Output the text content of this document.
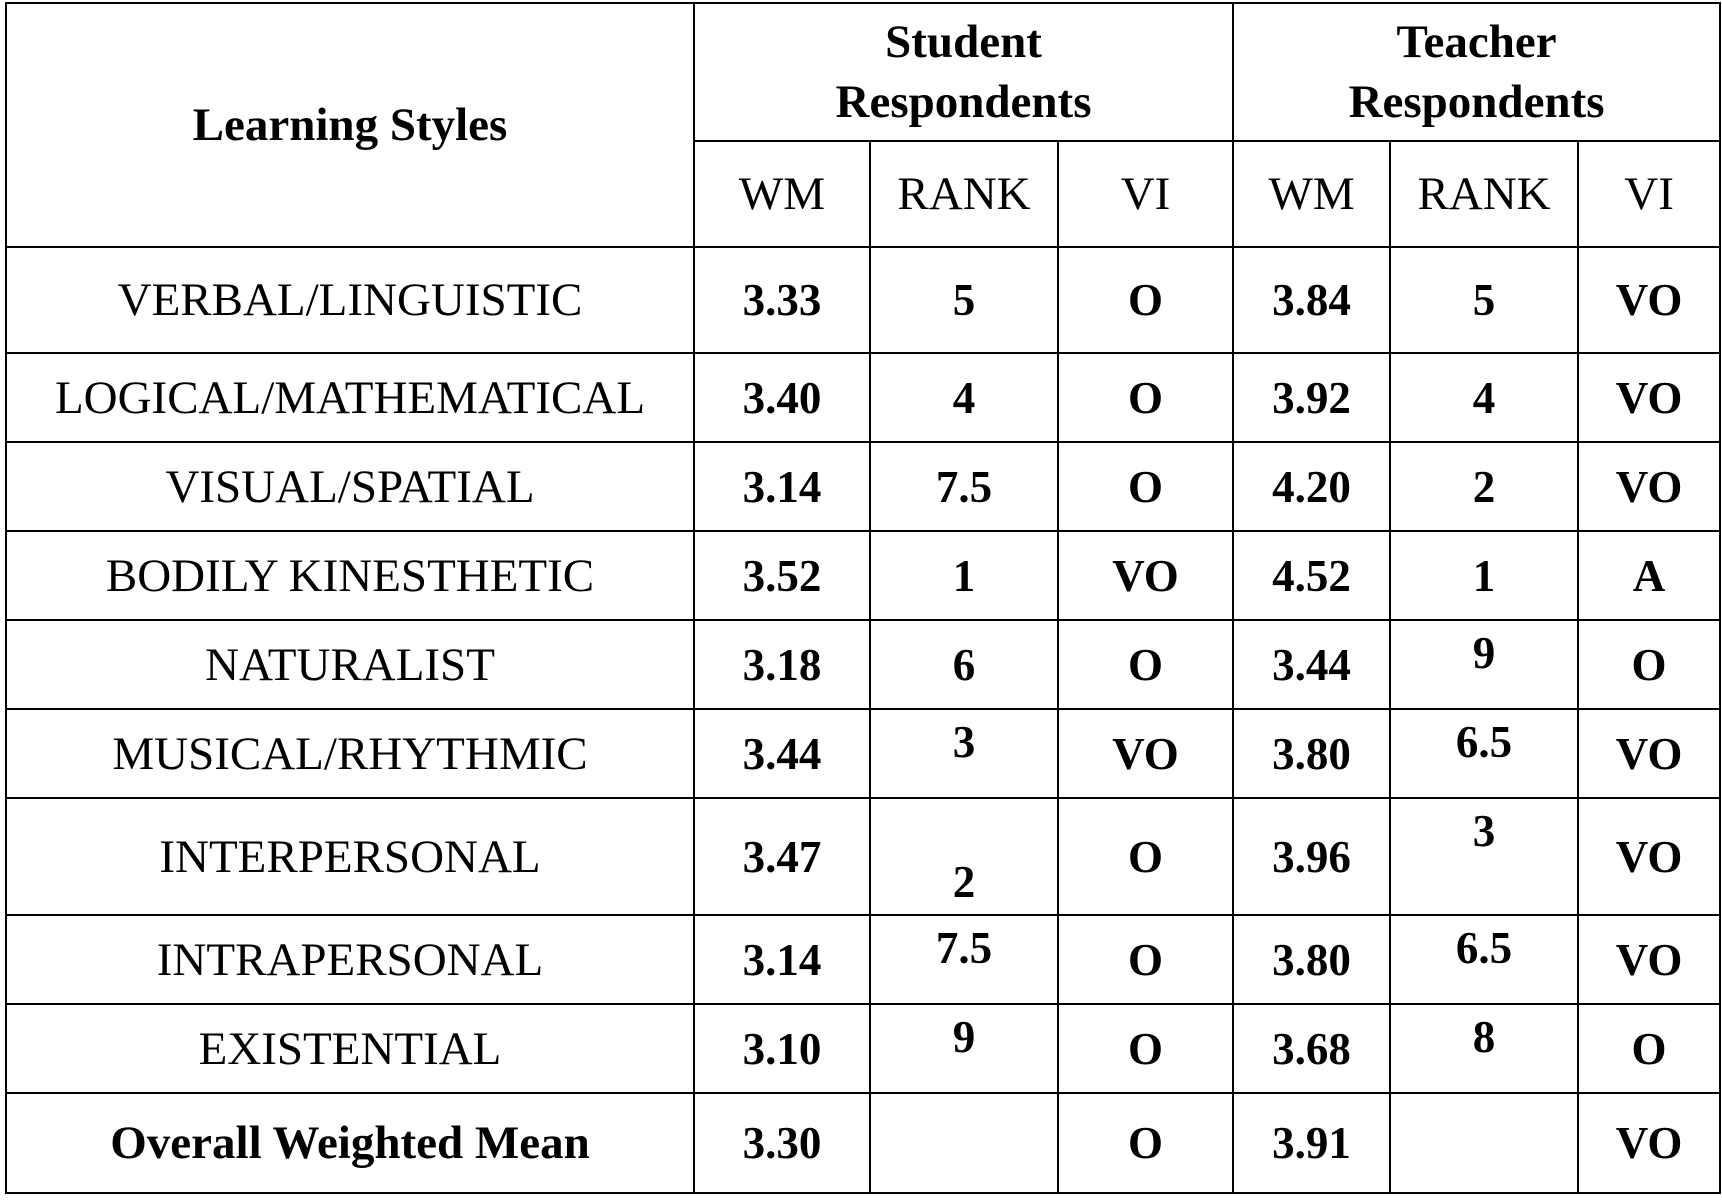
Learning Styles	Student Respondents			Teacher Respondents		
	WM	RANK	VI	WM	RANK	VI
VERBAL/LINGUISTIC	3.33	5	O	3.84	5	VO
LOGICAL/MATHEMATICAL	3.40	4	O	3.92	4	VO
VISUAL/SPATIAL	3.14	7.5	O	4.20	2	VO
BODILY KINESTHETIC	3.52	1	VO	4.52	1	A
NATURALIST	3.18	6	O	3.44	9	O
MUSICAL/RHYTHMIC	3.44	3	VO	3.80	6.5	VO
INTERPERSONAL	3.47	2	O	3.96	3	VO
INTRAPERSONAL	3.14	7.5	O	3.80	6.5	VO
EXISTENTIAL	3.10	9	O	3.68	8	O
Overall Weighted Mean	3.30		O	3.91		VO
